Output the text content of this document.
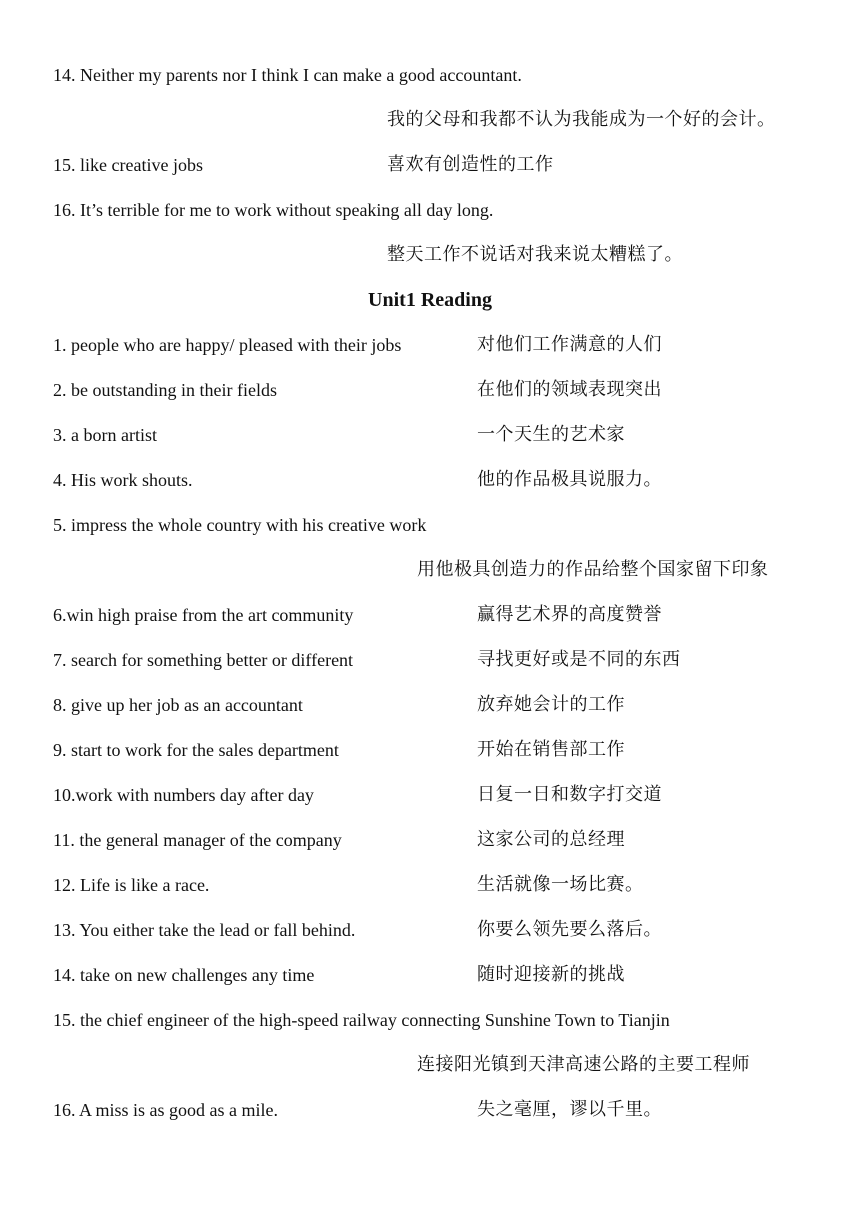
14. Neither my parents nor I think I can make a good accountant.
我的父母和我都不认为我能成为一个好的会计。
15. like creative jobs	喜欢有创造性的工作
16. It’s terrible for me to work without speaking all day long.
整天工作不说话对我来说太糟糕了。
Unit1 Reading
1. people who are happy/ pleased with their jobs	对他们工作满意的人们
2. be outstanding in their fields	在他们的领域表现突出
3. a born artist	一个天生的艺术家
4. His work shouts.	他的作品极具说服力。
5. impress the whole country with his creative work
用他极具创造力的作品给整个国家留下印象
6.win high praise from the art community	赢得艺术界的高度赞誉
7. search for something better or different	寻找更好或是不同的东西
8. give up her job as an accountant	放弃她会计的工作
9. start to work for the sales department	开始在销售部工作
10.work with numbers day after day	日复一日和数字打交道
11. the general manager of the company	这家公司的总经理
12. Life is like a race.	生活就像一场比赛。
13. You either take the lead or fall behind.	你要么领先要么落后。
14. take on new challenges any time	随时迎接新的挑战
15. the chief engineer of the high-speed railway connecting Sunshine Town to Tianjin
连接阳光镇到天津高速公路的主要工程师
16. A miss is as good as a mile.	失之毫厘，谬以千里。
